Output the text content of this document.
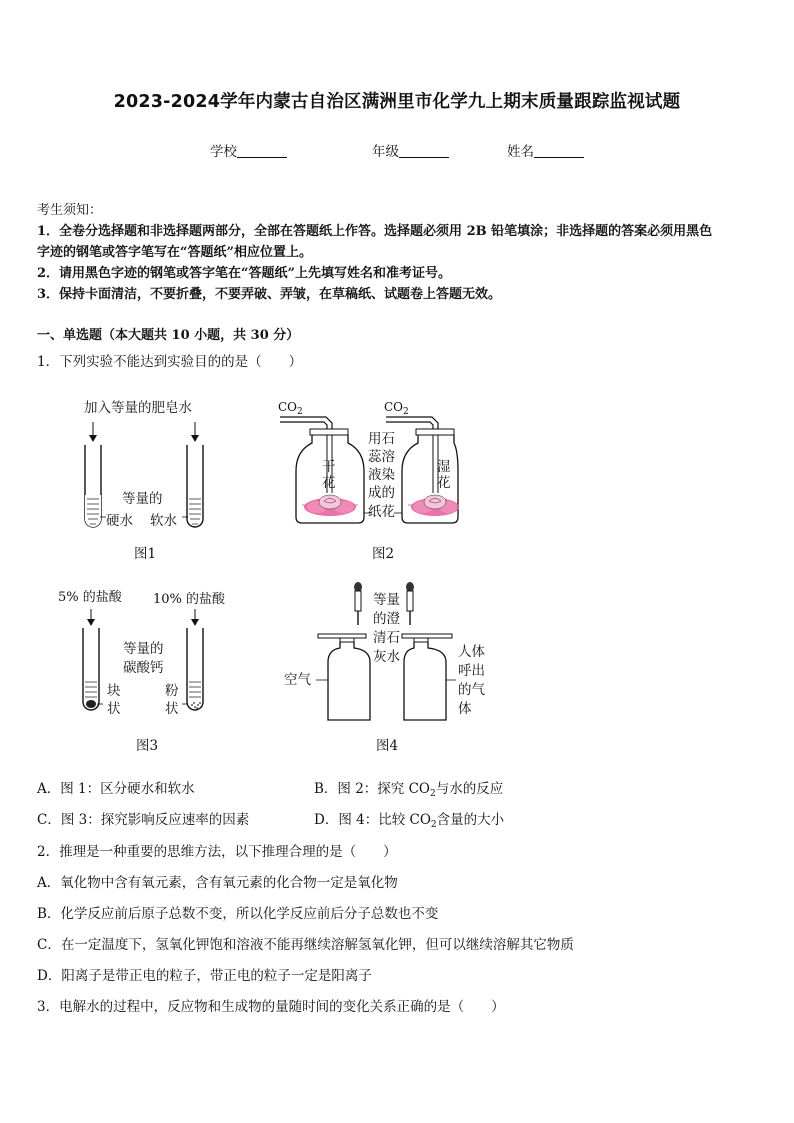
2023-2024学年内蒙古自治区满洲里市化学九上期末质量跟踪监视试题
学校	年级	姓名
考生须知：
1．全卷分选择题和非选择题两部分，全部在答题纸上作答。选择题必须用 2B 铅笔填涂；非选择题的答案必须用黑色
字迹的钢笔或答字笔写在“答题纸”相应位置上。
2．请用黑色字迹的钢笔或答字笔在“答题纸”上先填写姓名和准考证号。
3．保持卡面清洁，不要折叠，不要弄破、弄皱，在草稿纸、试题卷上答题无效。
一、单选题（本大题共 10 小题，共 30 分）
1．下列实验不能达到实验目的的是（　　）
加入等量的肥皂水
等量的
硬水 软水
图1
$CO_2$	$CO_2$
干
花
湿
花
用石
蕊溶
液染
成的
纸花
图2
5% 的盐酸 10% 的盐酸
等量的
碳酸钙
块
状
粉
状
图3
空气
等量
的澄
清石
灰水	人体
呼出
的气
体
图4
A．图 1：区分硬水和软水	B．图 2：探究 $CO_2$与水的反应
C．图 3：探究影响反应速率的因素	D．图 4：比较 $CO_2$含量的大小
2．推理是一种重要的思维方法，以下推理合理的是（　　）
A．氧化物中含有氧元素，含有氧元素的化合物一定是氧化物
B．化学反应前后原子总数不变，所以化学反应前后分子总数也不变
C．在一定温度下，氢氧化钾饱和溶液不能再继续溶解氢氧化钾，但可以继续溶解其它物质
D．阳离子是带正电的粒子，带正电的粒子一定是阳离子
3．电解水的过程中，反应物和生成物的量随时间的变化关系正确的是（　　）
